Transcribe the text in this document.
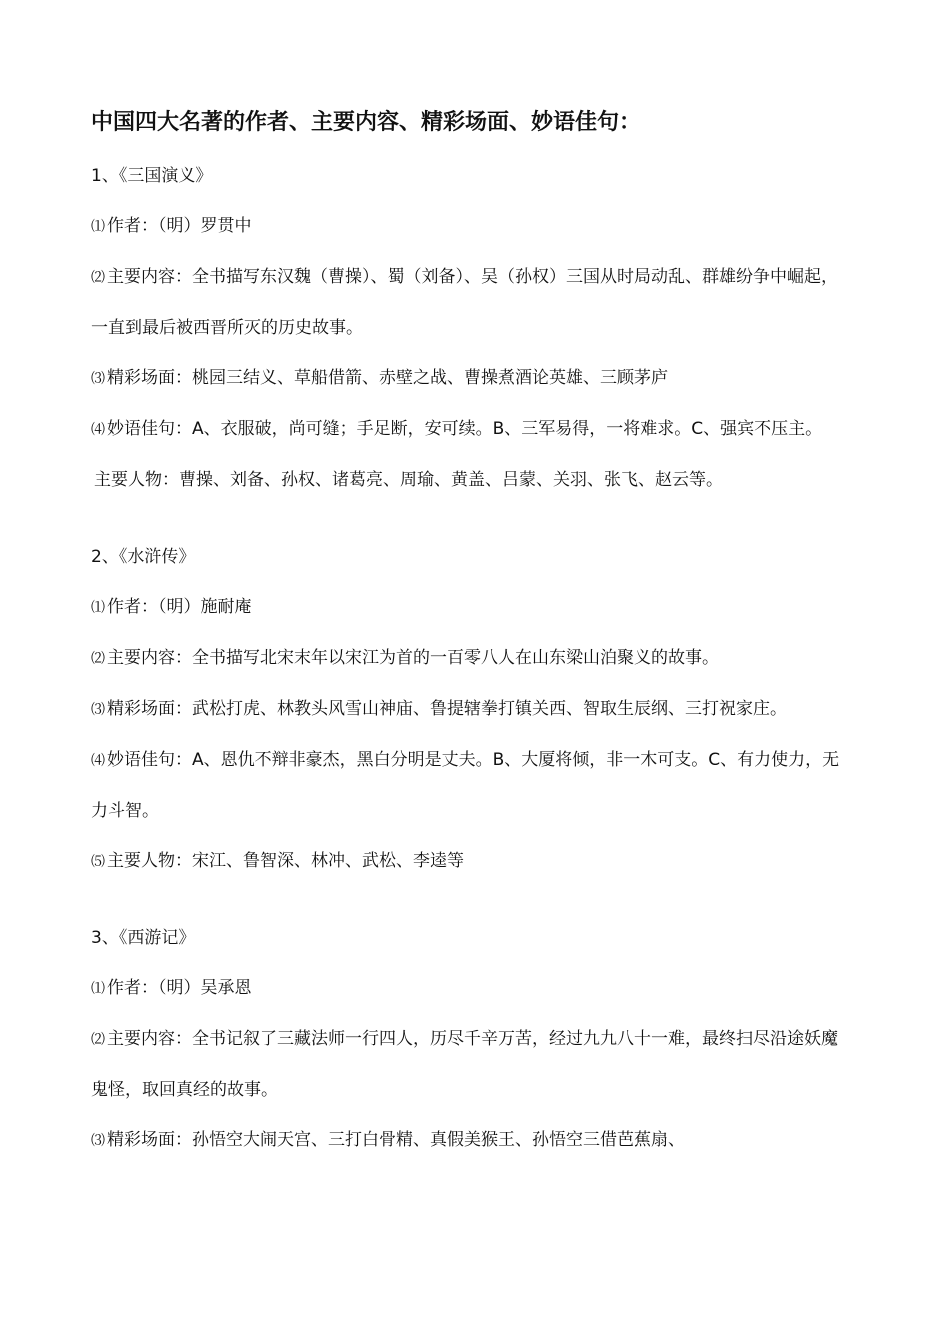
中国四大名著的作者、主要内容、精彩场面、妙语佳句：
1、《三国演义》

⑴ 作者：（明）罗贯中

⑵ 主要内容：全书描写东汉魏（曹操）、蜀（刘备）、吴（孙权）三国从时局动乱、群雄纷争中崛起，一直到最后被西晋所灭的历史故事。

⑶ 精彩场面：桃园三结义、草船借箭、赤壁之战、曹操煮酒论英雄、三顾茅庐

⑷ 妙语佳句：A、衣服破，尚可缝；手足断，安可续。B、三军易得，一将难求。C、强宾不压主。

主要人物：曹操、刘备、孙权、诸葛亮、周瑜、黄盖、吕蒙、关羽、张飞、赵云等。

2、《水浒传》

⑴ 作者：（明）施耐庵

⑵ 主要内容：全书描写北宋末年以宋江为首的一百零八人在山东梁山泊聚义的故事。

⑶ 精彩场面：武松打虎、林教头风雪山神庙、鲁提辖拳打镇关西、智取生辰纲、三打祝家庄。

⑷ 妙语佳句：A、恩仇不辩非豪杰，黑白分明是丈夫。B、大厦将倾，非一木可支。C、有力使力，无力斗智。

⑸ 主要人物：宋江、鲁智深、林冲、武松、李逵等

3、《西游记》

⑴ 作者：（明）吴承恩

⑵ 主要内容：全书记叙了三藏法师一行四人，历尽千辛万苦，经过九九八十一难，最终扫尽沿途妖魔鬼怪，取回真经的故事。

⑶ 精彩场面：孙悟空大闹天宫、三打白骨精、真假美猴王、孙悟空三借芭蕉扇、
